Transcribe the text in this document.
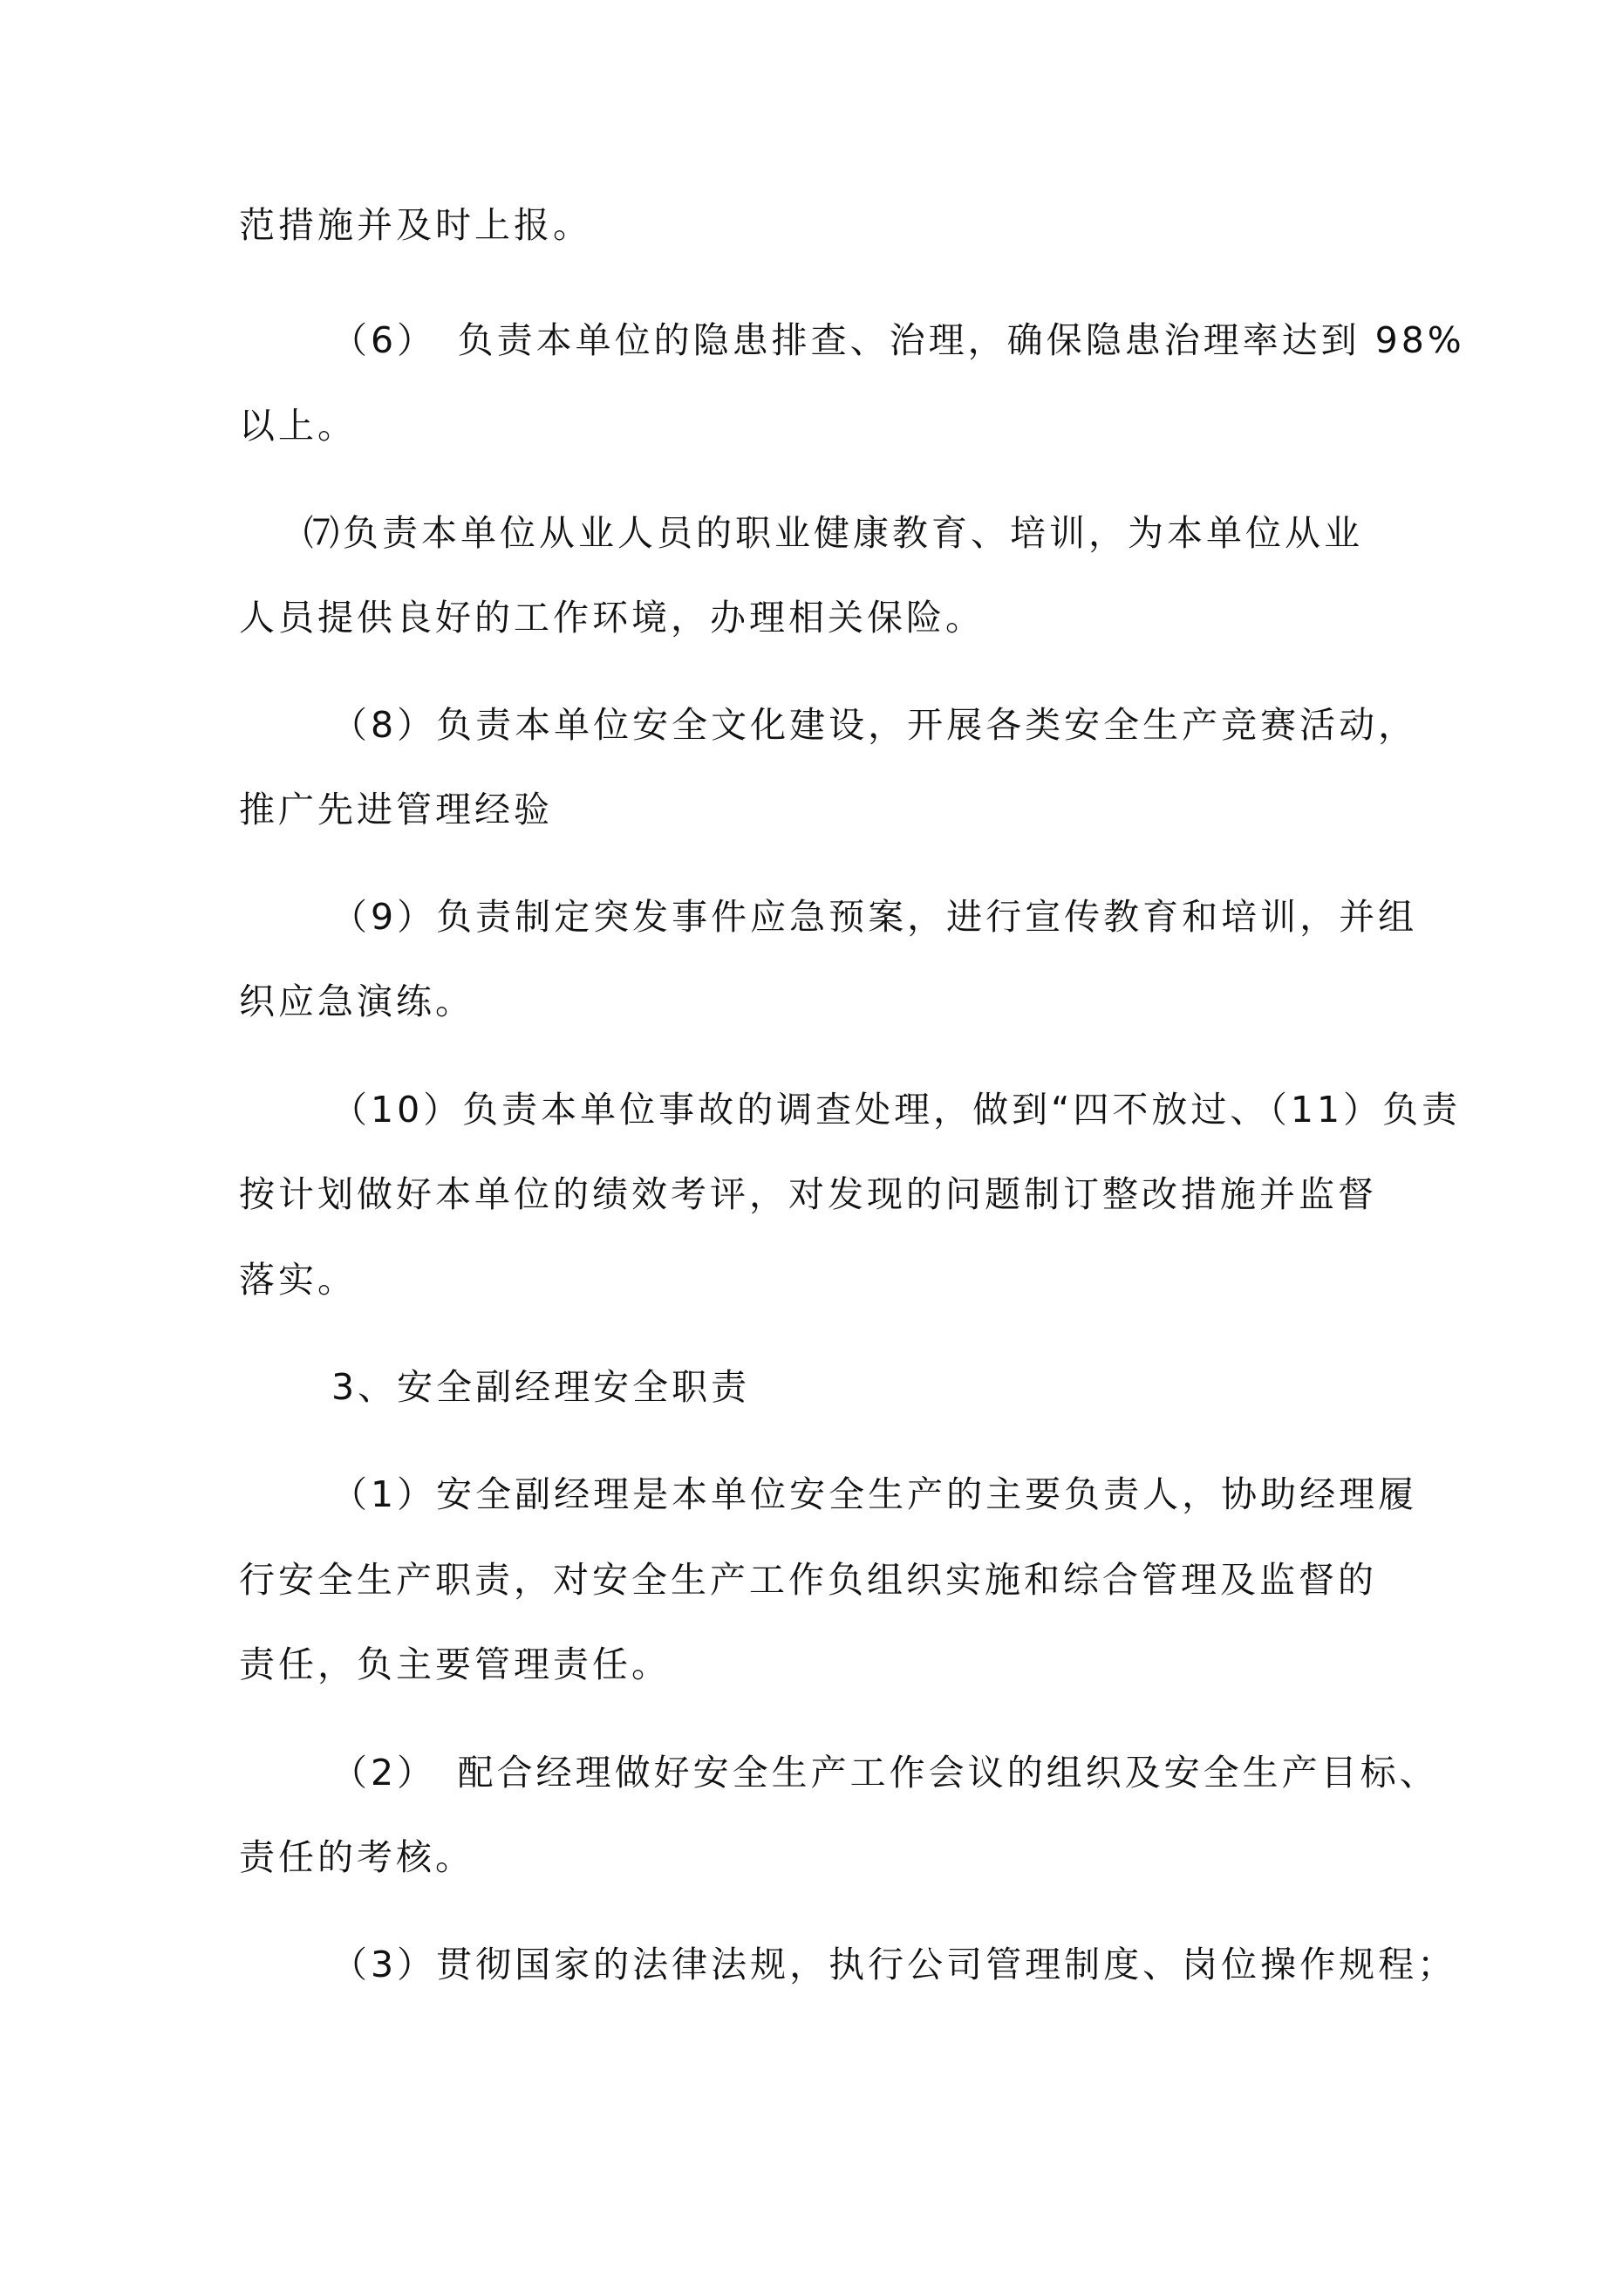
范措施并及时上报。
（6）　负责本单位的隐患排查、治理，确保隐患治理率达到 98%
以上。
⑺负责本单位从业人员的职业健康教育、培训，为本单位从业
人员提供良好的工作环境，办理相关保险。
（8）负责本单位安全文化建设，开展各类安全生产竞赛活动，
推广先进管理经验
（9）负责制定突发事件应急预案，进行宣传教育和培训，并组
织应急演练。
（10）负责本单位事故的调查处理，做到“四不放过、（11）负责
按计划做好本单位的绩效考评，对发现的问题制订整改措施并监督
落实。
3、安全副经理安全职责
（1）安全副经理是本单位安全生产的主要负责人，协助经理履
行安全生产职责，对安全生产工作负组织实施和综合管理及监督的
责任，负主要管理责任。
（2）　配合经理做好安全生产工作会议的组织及安全生产目标、
责任的考核。
（3）贯彻国家的法律法规，执行公司管理制度、岗位操作规程；
